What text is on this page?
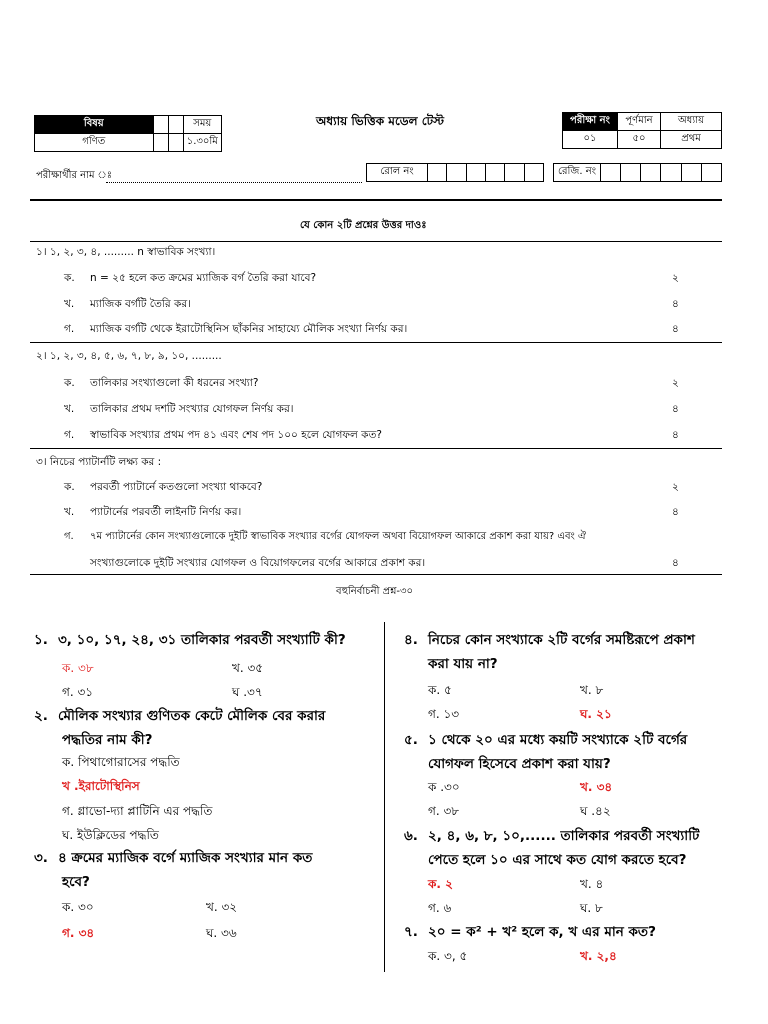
বিষয়			সময়
গণিত			১.৩০মি
অধ্যায় ভিত্তিক মডেল টেস্ট	পরীক্ষা নং	পূর্ণমান	অধ্যায়
০১	৫০	প্রথম
পরীক্ষার্থীর নাম ঃ	রোল নং							রেজি. নং						
যে কোন ২টি প্রশ্নের উত্তর দাওঃ
১। ১, ২, ৩, ৪, ......... n স্বাভাবিক সংখ্যা।
ক. n = ২৫ হলে কত ক্রমের ম্যাজিক বর্গ তৈরি করা যাবে?	২
খ. ম্যাজিক বর্গটি তৈরি কর।	৪
গ. ম্যাজিক বর্গটি থেকে ইরাটোস্থিনিস ছাঁকনির সাহায্যে মৌলিক সংখ্যা নির্ণয় কর।	৪
২। ১, ২, ৩, ৪, ৫, ৬, ৭, ৮, ৯, ১০, .........
ক. তালিকার সংখ্যাগুলো কী ধরনের সংখ্যা?	২
খ. তালিকার প্রথম দশটি সংখ্যার যোগফল নির্ণয় কর।	৪
গ. স্বাভাবিক সংখ্যার প্রথম পদ ৪১ এবং শেষ পদ ১০০ হলে যোগফল কত?	৪
৩। নিচের প্যাটার্নটি লক্ষ্য কর :
ক. পরবর্তী প্যাটার্নে কতগুলো সংখ্যা থাকবে?	২
খ. প্যাটার্নের পরবর্তী লাইনটি নির্ণয় কর।	৪
গ. ৭ম প্যাটার্নের কোন সংখ্যাগুলোকে দুইটি স্বাভাবিক সংখ্যার বর্গের যোগফল অথবা বিয়োগফল আকারে প্রকাশ করা যায়? এবং ঐ
সংখ্যাগুলোকে দুইটি সংখ্যার যোগফল ও বিয়োগফলের বর্গের আকারে প্রকাশ কর।	৪
বহুনির্বাচনী প্রশ্ন-৩০
১. ৩, ১০, ১৭, ২৪, ৩১ তালিকার পরবর্তী সংখ্যাটি কী?
ক. ৩৮	খ. ৩৫
গ. ৩১	ঘ .৩৭
২. মৌলিক সংখ্যার গুণিতক কেটে মৌলিক বের করার
পদ্ধতির নাম কী?
ক. পিথাগোরাসের পদ্ধতি
খ .ইরাটোস্থিনিস
গ. গ্লাভো-দ্যা প্লাটিনি এর পদ্ধতি
ঘ. ইউক্লিডের পদ্ধতি
৩. ৪ ক্রমের ম্যাজিক বর্গে ম্যাজিক সংখ্যার মান কত
হবে?
ক. ৩০	খ. ৩২
গ. ৩৪	ঘ. ৩৬
৪. নিচের কোন সংখ্যাকে ২টি বর্গের সমষ্টিরূপে প্রকাশ
করা যায় না?
ক. ৫	খ. ৮
গ. ১৩	ঘ. ২১
৫. ১ থেকে ২০ এর মধ্যে কয়টি সংখ্যাকে ২টি বর্গের
যোগফল হিসেবে প্রকাশ করা যায়?
ক .৩০	খ. ৩৪
গ. ৩৮	ঘ .৪২
৬. ২, ৪, ৬, ৮, ১০,...... তালিকার পরবর্তী সংখ্যাটি
পেতে হলে ১০ এর সাথে কত যোগ করতে হবে?
ক. ২	খ. ৪
গ. ৬	ঘ. ৮
৭. ২০ = ক² + খ² হলে ক, খ এর মান কত?
ক. ৩, ৫	খ. ২,৪
